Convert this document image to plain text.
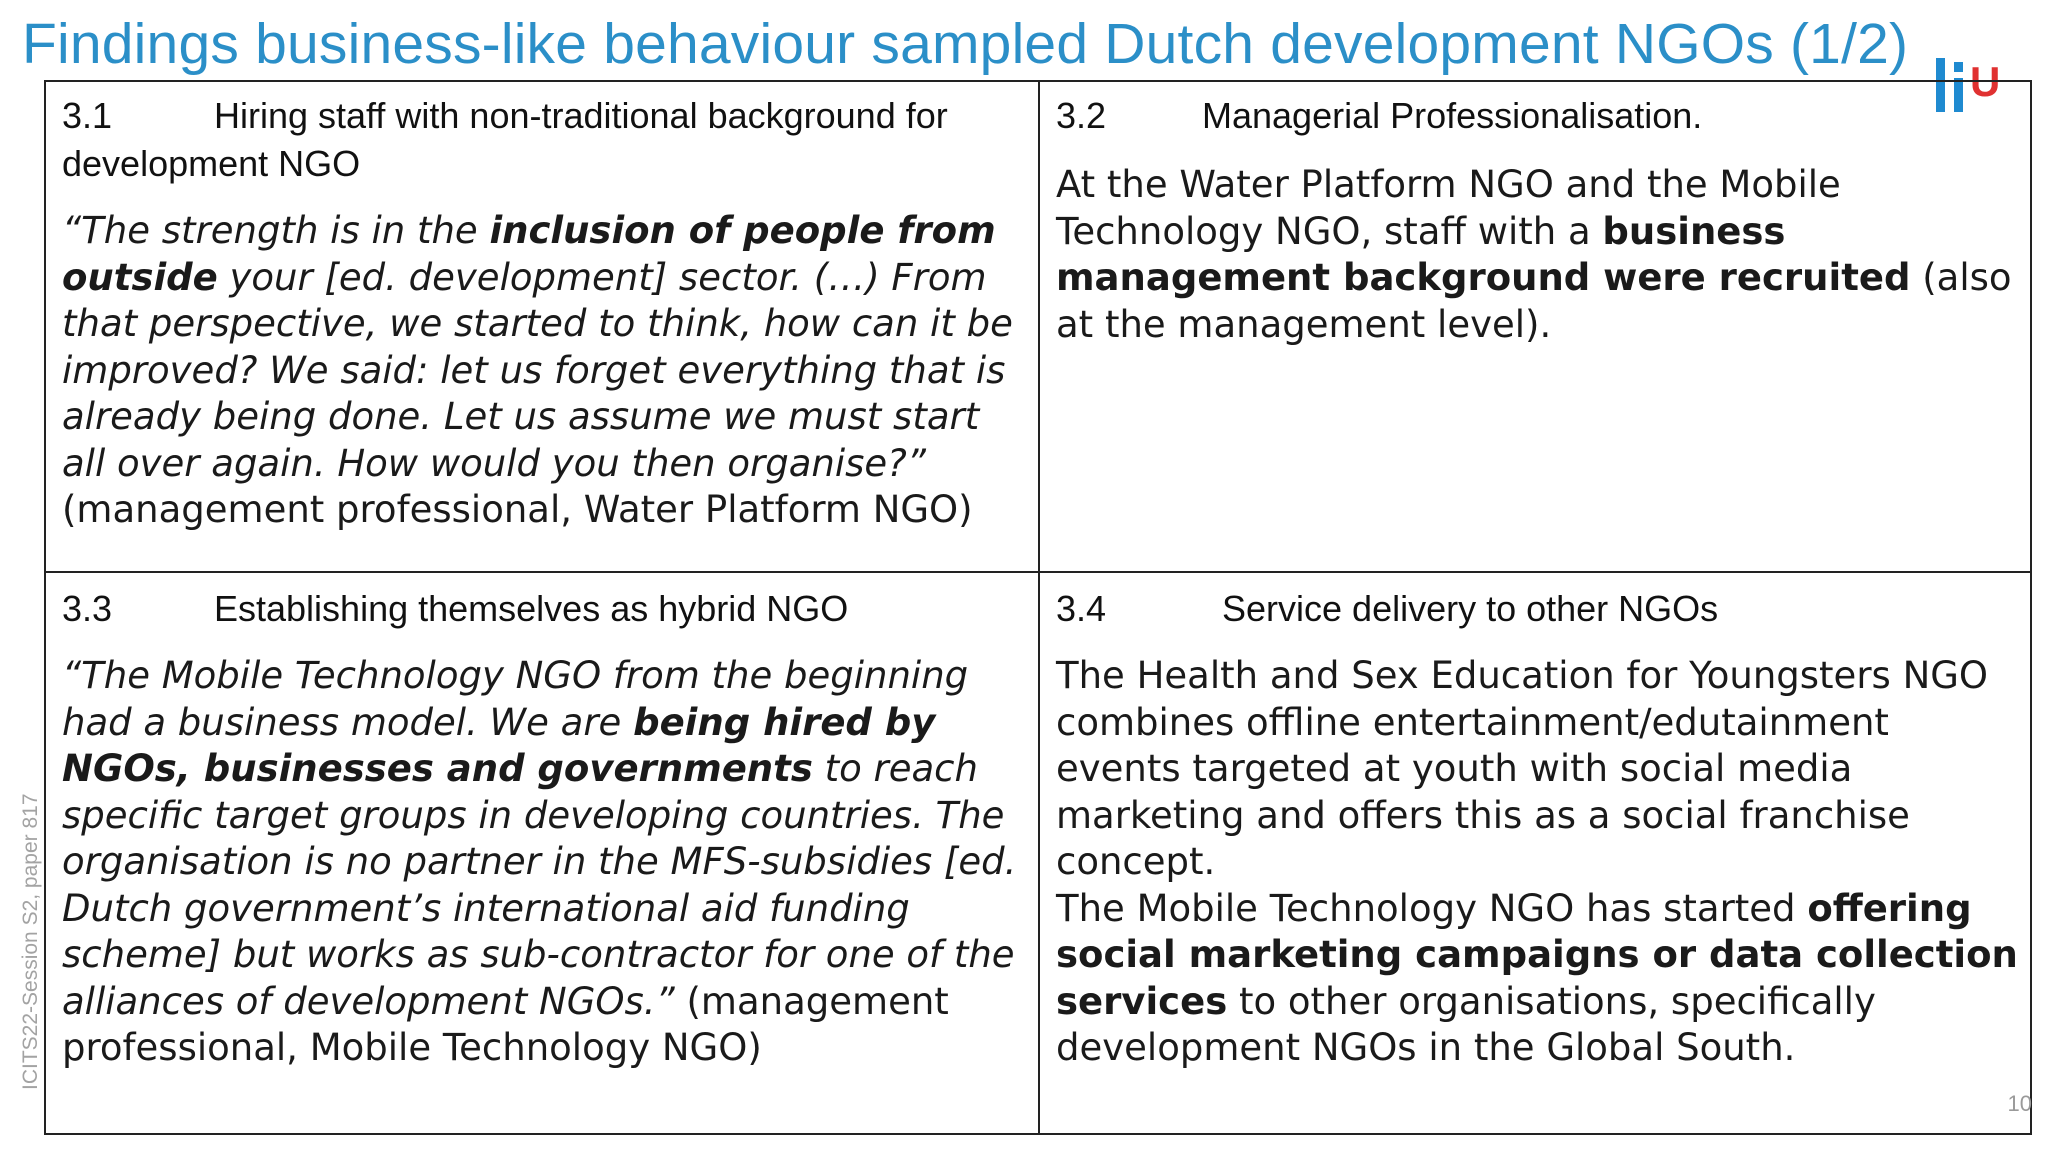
Findings business-like behaviour sampled Dutch development NGOs (1/2)
U
ICITS22-Session S2, paper 817
3.1	Hiring staff with non-traditional background for
development NGO
“The strength is in the inclusion of people from outside your [ed. development] sector. (…) From that perspective, we started to think, how can it be improved? We said: let us forget everything that is already being done. Let us assume we must start all over again. How would you then organise?” (management professional, Water Platform NGO)
3.2	Managerial Professionalisation.
At the Water Platform NGO and the Mobile Technology NGO, staff with a business management background were recruited (also at the management level).
3.3	Establishing themselves as hybrid NGO
“The Mobile Technology NGO from the beginning had a business model. We are being hired by NGOs, businesses and governments to reach specific target groups in developing countries. The organisation is no partner in the MFS-subsidies [ed. Dutch government’s international aid funding scheme] but works as sub-contractor for one of the alliances of development NGOs.” (management professional, Mobile Technology NGO)
3.4	Service delivery to other NGOs
The Health and Sex Education for Youngsters NGO combines offline entertainment/edutainment events targeted at youth with social media marketing and offers this as a social franchise concept.
The Mobile Technology NGO has started offering social marketing campaigns or data collection services to other organisations, specifically development NGOs in the Global South.
10
